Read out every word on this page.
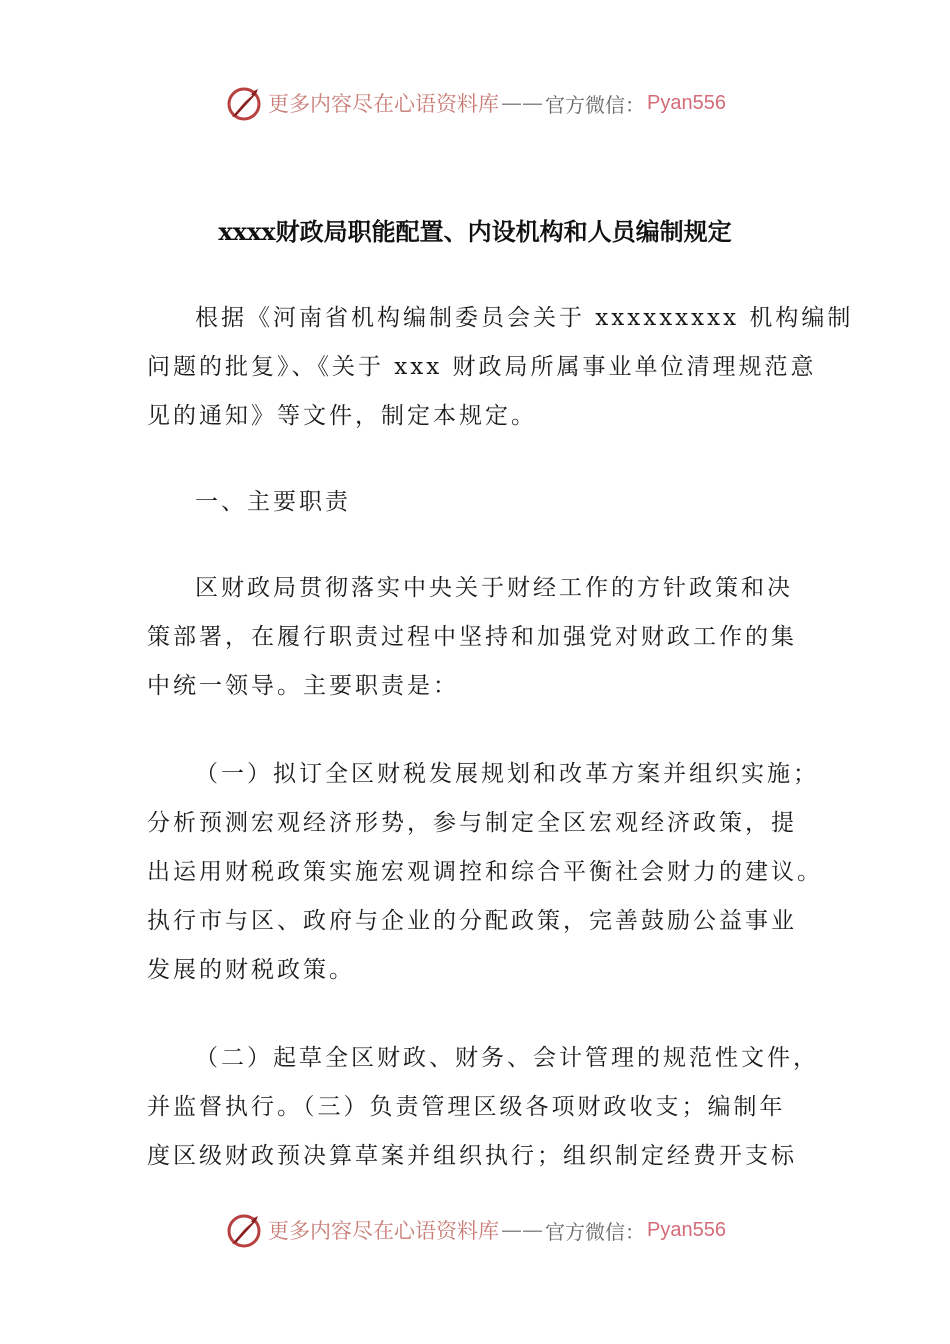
更多内容尽在心语资料库 —— 官方微信： Pyan556
xxxx财政局职能配置、内设机构和人员编制规定
根据《河南省机构编制委员会关于 xxxxxxxxx 机构编制
问题的批复》、《关于 xxx 财政局所属事业单位清理规范意
见的通知》等文件，制定本规定。
一、主要职责
区财政局贯彻落实中央关于财经工作的方针政策和决
策部署，在履行职责过程中坚持和加强党对财政工作的集
中统一领导。主要职责是：
（一）拟订全区财税发展规划和改革方案并组织实施；
分析预测宏观经济形势，参与制定全区宏观经济政策，提
出运用财税政策实施宏观调控和综合平衡社会财力的建议。
执行市与区、政府与企业的分配政策，完善鼓励公益事业
发展的财税政策。
（二）起草全区财政、财务、会计管理的规范性文件，
并监督执行。（三）负责管理区级各项财政收支；编制年
度区级财政预决算草案并组织执行；组织制定经费开支标
更多内容尽在心语资料库 —— 官方微信： Pyan556
